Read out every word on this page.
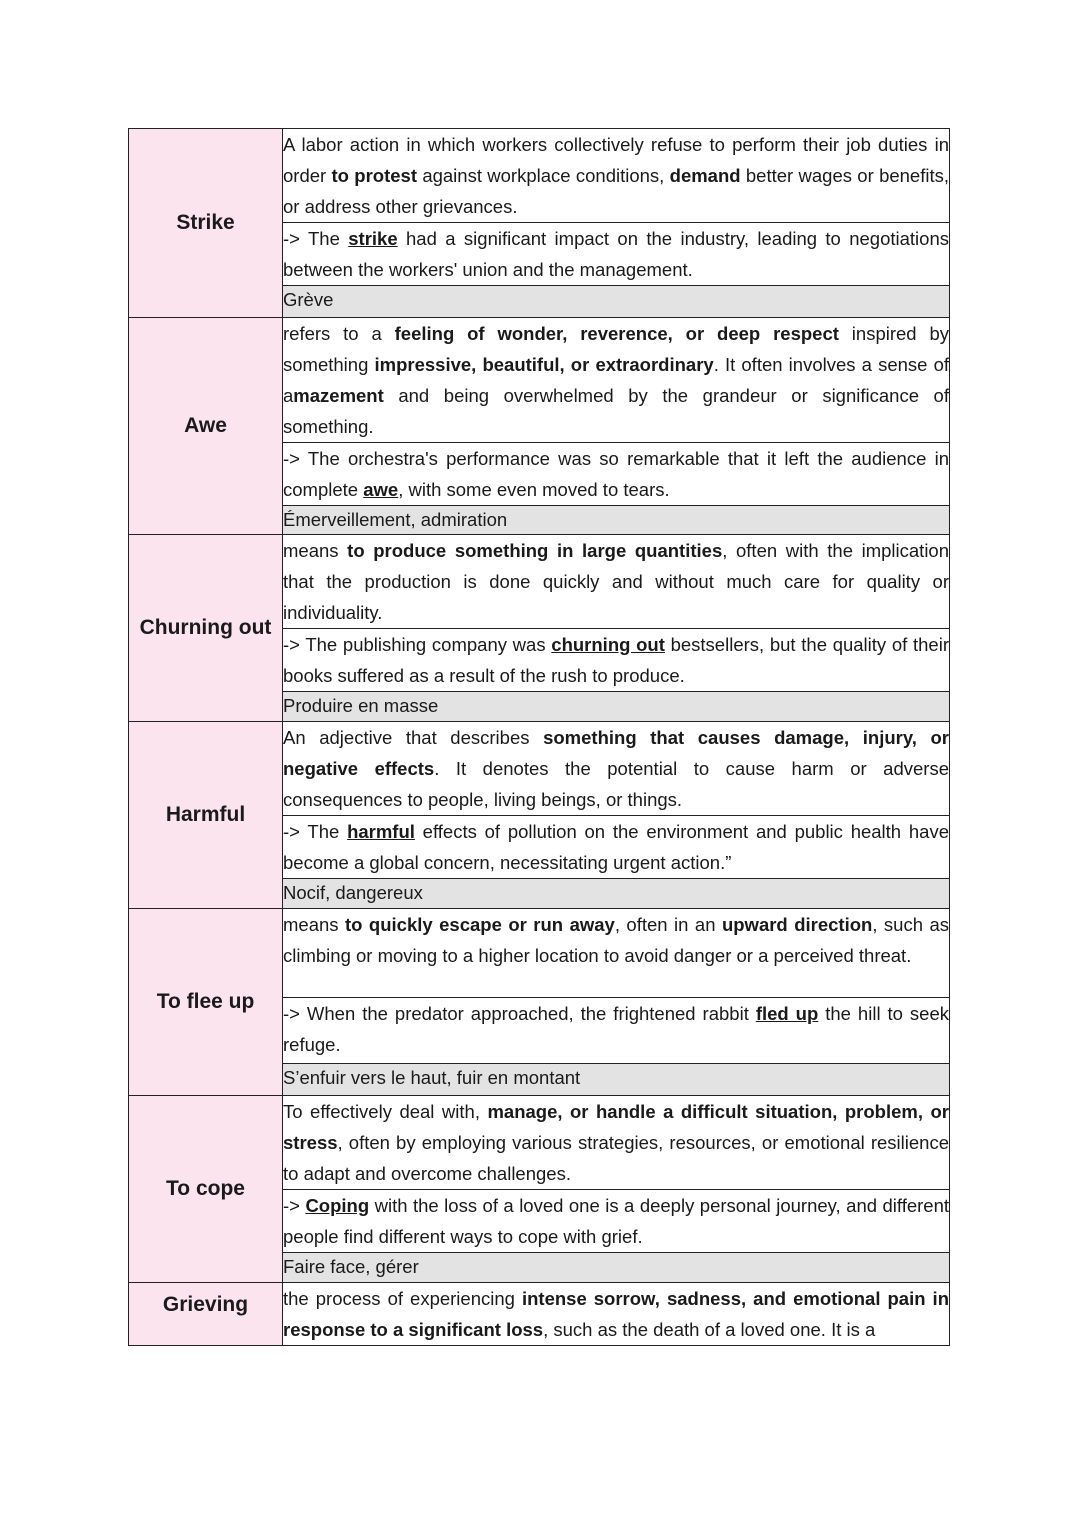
Strike	A labor action in which workers collectively refuse to perform their job duties in order to protest against workplace conditions, demand better wages or benefits, or address other grievances.
	-> The strike had a significant impact on the industry, leading to negotiations between the workers' union and the management.
	Grève
Awe	refers to a feeling of wonder, reverence, or deep respect inspired by something impressive, beautiful, or extraordinary. It often involves a sense of amazement and being overwhelmed by the grandeur or significance of something.
	-> The orchestra's performance was so remarkable that it left the audience in complete awe, with some even moved to tears.
	Émerveillement, admiration
Churning out	means to produce something in large quantities, often with the implication that the production is done quickly and without much care for quality or individuality.
	-> The publishing company was churning out bestsellers, but the quality of their books suffered as a result of the rush to produce.
	Produire en masse
Harmful	An adjective that describes something that causes damage, injury, or negative effects. It denotes the potential to cause harm or adverse consequences to people, living beings, or things.
	-> The harmful effects of pollution on the environment and public health have become a global concern, necessitating urgent action.”
	Nocif, dangereux
To flee up	means to quickly escape or run away, often in an upward direction, such as climbing or moving to a higher location to avoid danger or a perceived threat.
	-> When the predator approached, the frightened rabbit fled up the hill to seek refuge.
	S’enfuir vers le haut, fuir en montant
To cope	To effectively deal with, manage, or handle a difficult situation, problem, or stress, often by employing various strategies, resources, or emotional resilience to adapt and overcome challenges.
	-> Coping with the loss of a loved one is a deeply personal journey, and different people find different ways to cope with grief.
	Faire face, gérer
Grieving	the process of experiencing intense sorrow, sadness, and emotional pain in response to a significant loss, such as the death of a loved one. It is a
